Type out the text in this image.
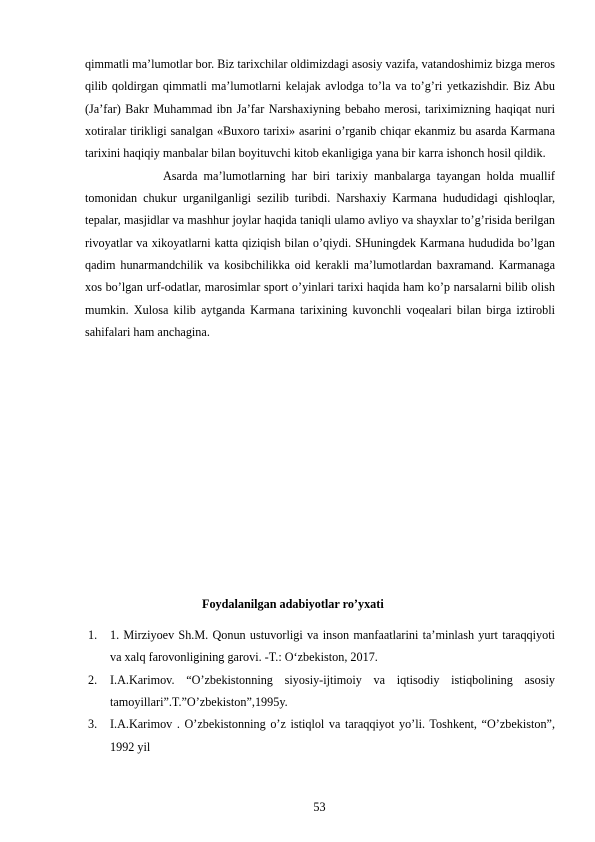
qimmatli ma’lumotlar bor. Biz tarixchilar oldimizdagi asosiy vazifa, vatandoshimiz bizga meros qilib qoldirgan qimmatli ma’lumotlarni kelajak avlodga to’la va to’g’ri yetkazishdir. Biz Abu (Ja’far) Bakr Muhammad ibn Ja’far Narshaxiyning bebaho merosi, tariximizning haqiqat nuri xotiralar tirikligi sanalgan «Buxoro tarixi» asarini o’rganib chiqar ekanmiz bu asarda Karmana tarixini haqiqiy manbalar bilan boyituvchi kitob ekanligiga yana bir karra ishonch hosil qildik.

Asarda ma’lumotlarning har biri tarixiy manbalarga tayangan holda muallif tomonidan chukur urganilganligi sezilib turibdi. Narshaxiy Karmana hududidagi qishloqlar, tepalar, masjidlar va mashhur joylar haqida taniqli ulamo avliyo va shayxlar to’g’risida berilgan rivoyatlar va xikoyatlarni katta qiziqish bilan o’qiydi. SHuningdek Karmana hududida bo’lgan qadim hunarmandchilik va kosibchilikka oid kerakli ma’lumotlardan baxramand. Karmanaga xos bo’lgan urf-odatlar, marosimlar sport o’yinlari tarixi haqida ham ko’p narsalarni bilib olish mumkin. Xulosa kilib aytganda Karmana tarixining kuvonchli voqealari bilan birga iztirobli sahifalari ham anchagina.

Foydalanilgan adabiyotlar ro’yxati
1. 1. Mirziyoev Sh.M. Qonun ustuvorligi va inson manfaatlarini ta’minlash yurt taraqqiyoti va xalq farovonligining garovi. -T.: O‘zbekiston, 2017.
2. I.A.Karimov. “O’zbekistonning siyosiy-ijtimoiy va iqtisodiy istiqbolining asosiy tamoyillari”.T.”O’zbekiston”,1995y.
3. I.A.Karimov . O’zbekistonning o’z istiqlol va taraqqiyot yo’li. Toshkent, “O’zbekiston”, 1992 yil
53
